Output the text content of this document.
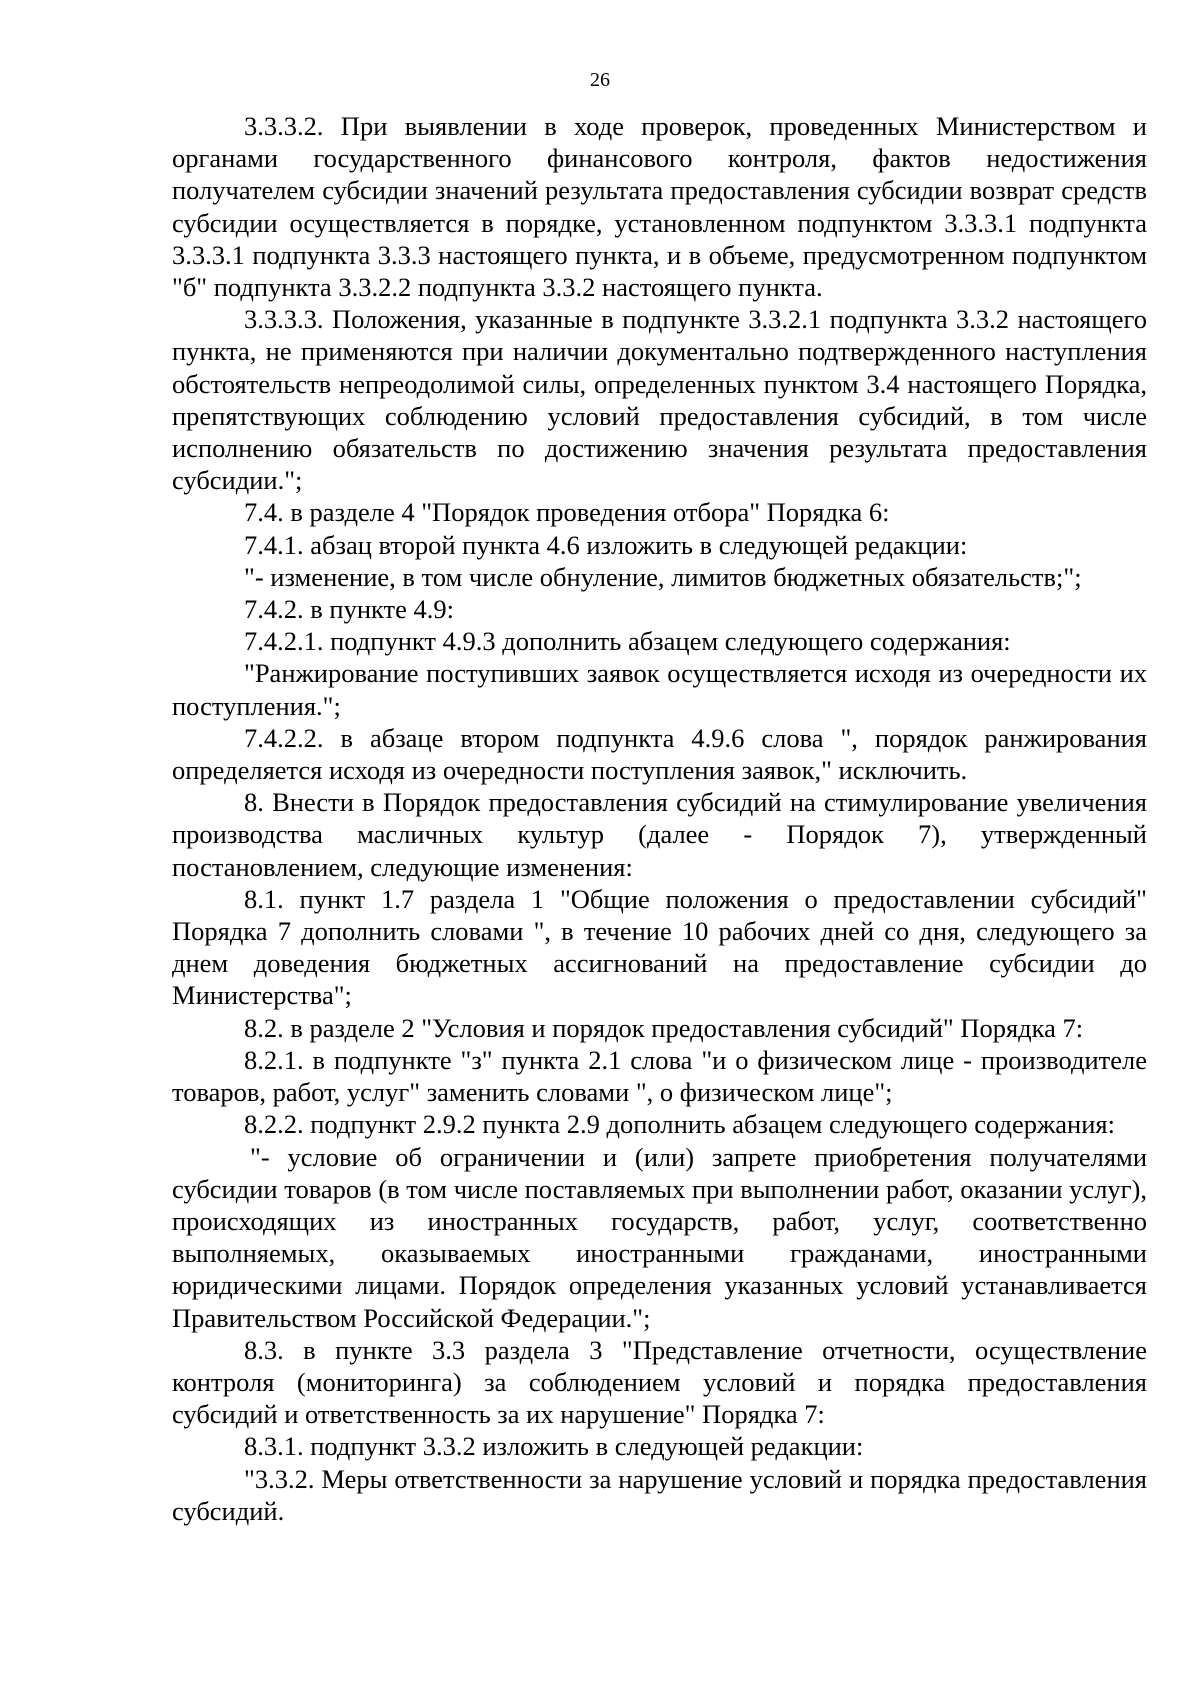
26

3.3.3.2. При выявлении в ходе проверок, проведенных Министерством и органами государственного финансового контроля, фактов недостижения получателем субсидии значений результата предоставления субсидии возврат средств субсидии осуществляется в порядке, установленном подпунктом 3.3.3.1 подпункта 3.3.3.1 подпункта 3.3.3 настоящего пункта, и в объеме, предусмотренном подпунктом "б" подпункта 3.3.2.2 подпункта 3.3.2 настоящего пункта.

3.3.3.3. Положения, указанные в подпункте 3.3.2.1 подпункта 3.3.2 настоящего пункта, не применяются при наличии документально подтвержденного наступления обстоятельств непреодолимой силы, определенных пунктом 3.4 настоящего Порядка, препятствующих соблюдению условий предоставления субсидий, в том числе исполнению обязательств по достижению значения результата предоставления субсидии.";

7.4. в разделе 4 "Порядок проведения отбора" Порядка 6:

7.4.1. абзац второй пункта 4.6 изложить в следующей редакции:

"- изменение, в том числе обнуление, лимитов бюджетных обязательств;";

7.4.2. в пункте 4.9:

7.4.2.1. подпункт 4.9.3 дополнить абзацем следующего содержания:

"Ранжирование поступивших заявок осуществляется исходя из очередности их поступления.";

7.4.2.2. в абзаце втором подпункта 4.9.6 слова ", порядок ранжирования определяется исходя из очередности поступления заявок," исключить.

8. Внести в Порядок предоставления субсидий на стимулирование увеличения производства масличных культур (далее - Порядок 7), утвержденный постановлением, следующие изменения:

8.1. пункт 1.7 раздела 1 "Общие положения о предоставлении субсидий" Порядка 7 дополнить словами ", в течение 10 рабочих дней со дня, следующего за днем доведения бюджетных ассигнований на предоставление субсидии до Министерства";

8.2. в разделе 2 "Условия и порядок предоставления субсидий" Порядка 7:

8.2.1. в подпункте "з" пункта 2.1 слова "и о физическом лице - производителе товаров, работ, услуг" заменить словами ", о физическом лице";

8.2.2. подпункт 2.9.2 пункта 2.9 дополнить абзацем следующего содержания:

"- условие об ограничении и (или) запрете приобретения получателями субсидии товаров (в том числе поставляемых при выполнении работ, оказании услуг), происходящих из иностранных государств, работ, услуг, соответственно выполняемых, оказываемых иностранными гражданами, иностранными юридическими лицами. Порядок определения указанных условий устанавливается Правительством Российской Федерации.";

8.3. в пункте 3.3 раздела 3 "Представление отчетности, осуществление контроля (мониторинга) за соблюдением условий и порядка предоставления субсидий и ответственность за их нарушение" Порядка 7:

8.3.1. подпункт 3.3.2 изложить в следующей редакции:

"3.3.2. Меры ответственности за нарушение условий и порядка предоставления субсидий.
